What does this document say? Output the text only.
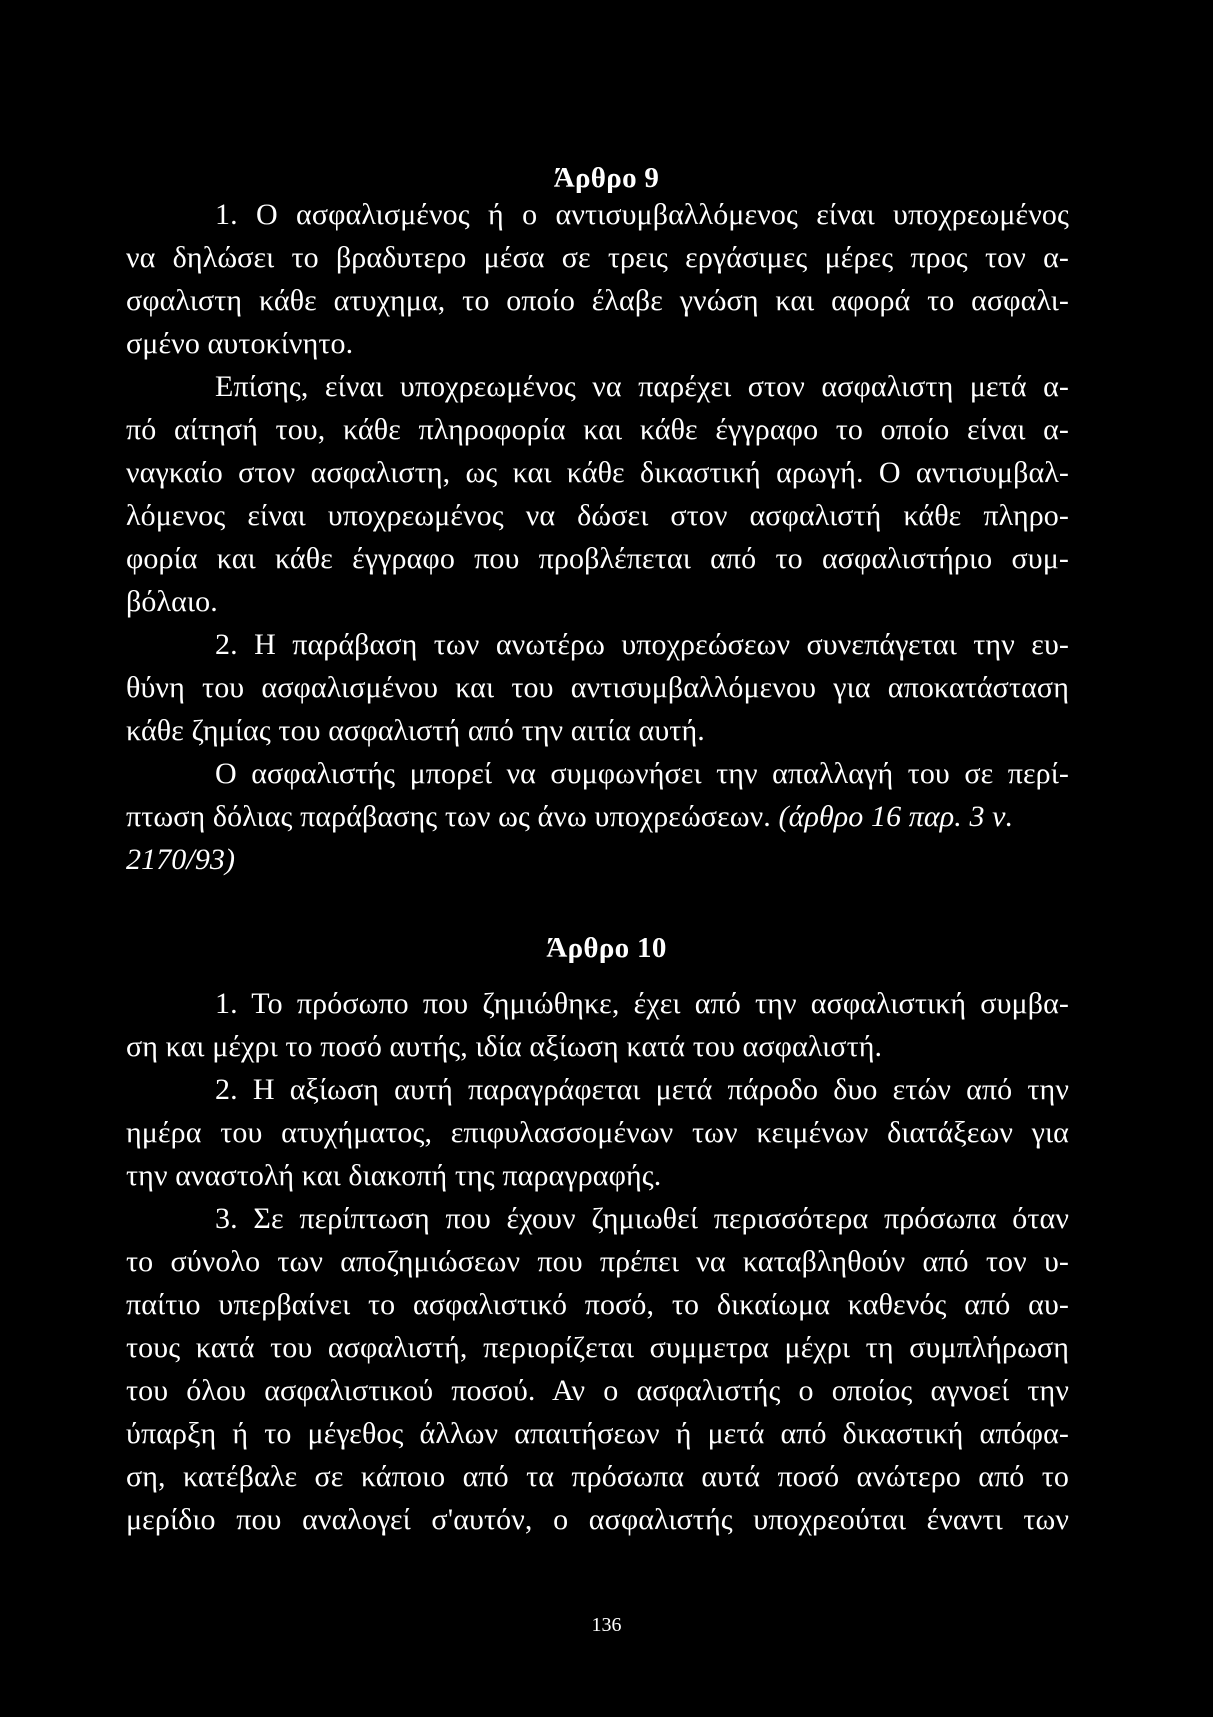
Άρθρο 9
1. Ο ασφαλισμένος ή ο αντισυμβαλλόμενος είναι υποχρεωμένος
να δηλώσει το βραδυτερο μέσα σε τρεις εργάσιμες μέρες προς τον α-
σφαλιστη κάθε ατυχημα, το οποίο έλαβε γνώση και αφορά το ασφαλι-
σμένο αυτοκίνητο.
Επίσης, είναι υποχρεωμένος να παρέχει στον ασφαλιστη μετά α-
πό αίτησή του, κάθε πληροφορία και κάθε έγγραφο το οποίο είναι α-
ναγκαίο στον ασφαλιστη, ως και κάθε δικαστική αρωγή. Ο αντισυμβαλ-
λόμενος είναι υποχρεωμένος να δώσει στον ασφαλιστή κάθε πληρο-
φορία και κάθε έγγραφο που προβλέπεται από το ασφαλιστήριο συμ-
βόλαιο.
2. Η παράβαση των ανωτέρω υποχρεώσεων συνεπάγεται την ευ-
θύνη του ασφαλισμένου και του αντισυμβαλλόμενου για αποκατάσταση
κάθε ζημίας του ασφαλιστή από την αιτία αυτή.
Ο ασφαλιστής μπορεί να συμφωνήσει την απαλλαγή του σε περί-
πτωση δόλιας παράβασης των ως άνω υποχρεώσεων. (άρθρο 16 παρ. 3 ν.
2170/93)
Άρθρο 10
1. Το πρόσωπο που ζημιώθηκε, έχει από την ασφαλιστική συμβα-
ση και μέχρι το ποσό αυτής, ιδία αξίωση κατά του ασφαλιστή.
2. Η αξίωση αυτή παραγράφεται μετά πάροδο δυο ετών από την
ημέρα του ατυχήματος, επιφυλασσομένων των κειμένων διατάξεων για
την αναστολή και διακοπή της παραγραφής.
3. Σε περίπτωση που έχουν ζημιωθεί περισσότερα πρόσωπα όταν
το σύνολο των αποζημιώσεων που πρέπει να καταβληθούν από τον υ-
παίτιο υπερβαίνει το ασφαλιστικό ποσό, το δικαίωμα καθενός από αυ-
τους κατά του ασφαλιστή, περιορίζεται συμμετρα μέχρι τη συμπλήρωση
του όλου ασφαλιστικού ποσού. Αν ο ασφαλιστής ο οποίος αγνοεί την
ύπαρξη ή το μέγεθος άλλων απαιτήσεων ή μετά από δικαστική απόφα-
ση, κατέβαλε σε κάποιο από τα πρόσωπα αυτά ποσό ανώτερο από το
μερίδιο που αναλογεί σ'αυτόν, ο ασφαλιστής υποχρεούται έναντι των
136
